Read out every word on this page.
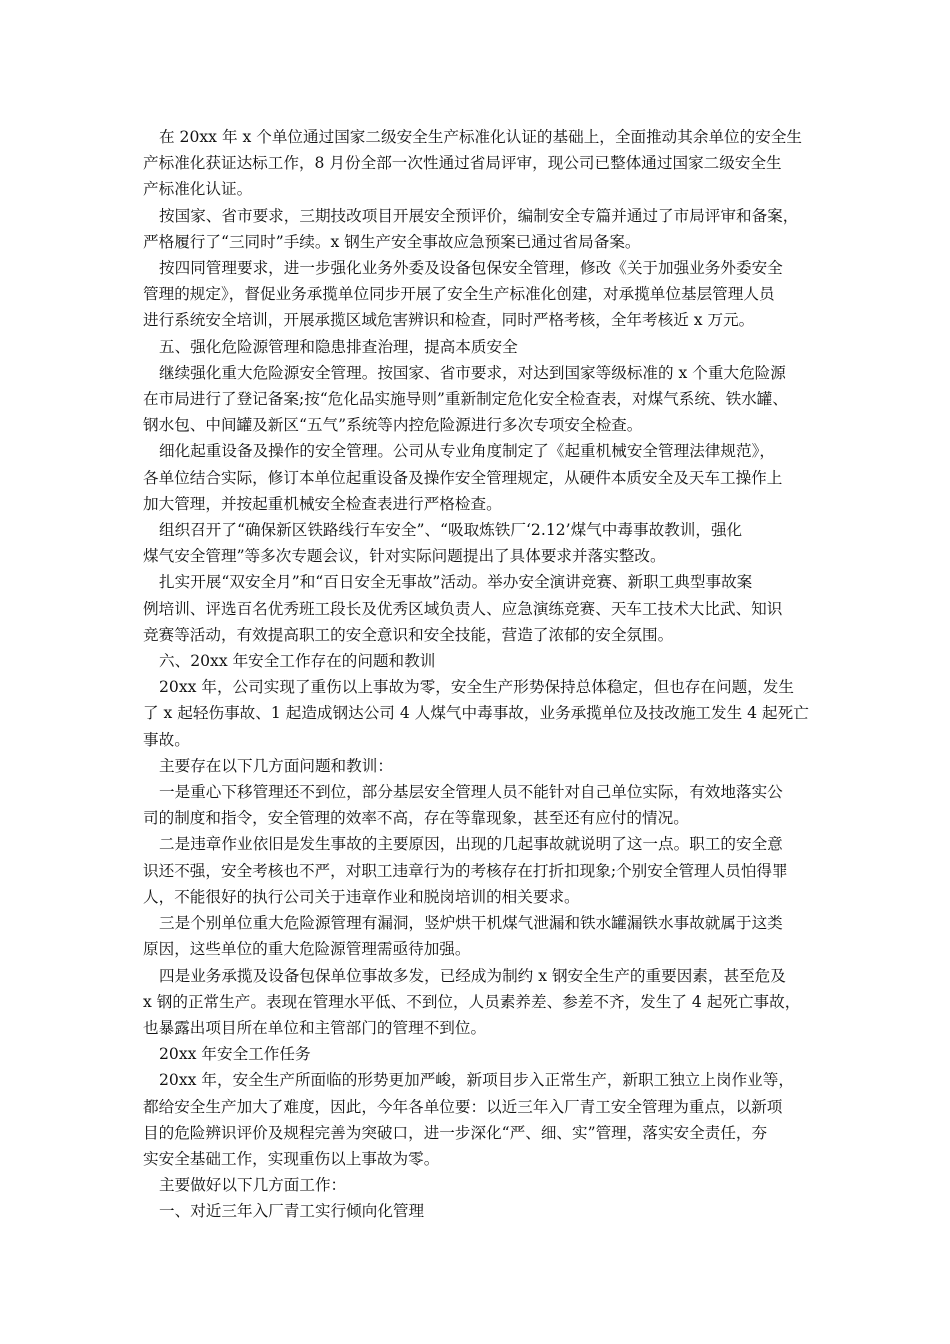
在 20xx 年 x 个单位通过国家二级安全生产标准化认证的基础上，全面推动其余单位的安全生
产标准化获证达标工作，8 月份全部一次性通过省局评审，现公司已整体通过国家二级安全生
产标准化认证。
按国家、省市要求，三期技改项目开展安全预评价，编制安全专篇并通过了市局评审和备案，
严格履行了“三同时”手续。x 钢生产安全事故应急预案已通过省局备案。
按四同管理要求，进一步强化业务外委及设备包保安全管理，修改《关于加强业务外委安全
管理的规定》，督促业务承揽单位同步开展了安全生产标准化创建，对承揽单位基层管理人员
进行系统安全培训，开展承揽区域危害辨识和检查，同时严格考核，全年考核近 x 万元。
五、强化危险源管理和隐患排查治理，提高本质安全
继续强化重大危险源安全管理。按国家、省市要求，对达到国家等级标准的 x 个重大危险源
在市局进行了登记备案;按“危化品实施导则”重新制定危化安全检查表，对煤气系统、铁水罐、
钢水包、中间罐及新区“五气”系统等内控危险源进行多次专项安全检查。
细化起重设备及操作的安全管理。公司从专业角度制定了《起重机械安全管理法律规范》，
各单位结合实际，修订本单位起重设备及操作安全管理规定，从硬件本质安全及天车工操作上
加大管理，并按起重机械安全检查表进行严格检查。
组织召开了“确保新区铁路线行车安全”、“吸取炼铁厂‘2.12’煤气中毒事故教训，强化
煤气安全管理”等多次专题会议，针对实际问题提出了具体要求并落实整改。
扎实开展“双安全月”和“百日安全无事故”活动。举办安全演讲竞赛、新职工典型事故案
例培训、评选百名优秀班工段长及优秀区域负责人、应急演练竞赛、天车工技术大比武、知识
竞赛等活动，有效提高职工的安全意识和安全技能，营造了浓郁的安全氛围。
六、20xx 年安全工作存在的问题和教训
20xx 年，公司实现了重伤以上事故为零，安全生产形势保持总体稳定，但也存在问题，发生
了 x 起轻伤事故、1 起造成钢达公司 4 人煤气中毒事故，业务承揽单位及技改施工发生 4 起死亡
事故。
主要存在以下几方面问题和教训：
一是重心下移管理还不到位，部分基层安全管理人员不能针对自己单位实际，有效地落实公
司的制度和指令，安全管理的效率不高，存在等靠现象，甚至还有应付的情况。
二是违章作业依旧是发生事故的主要原因，出现的几起事故就说明了这一点。职工的安全意
识还不强，安全考核也不严，对职工违章行为的考核存在打折扣现象;个别安全管理人员怕得罪
人，不能很好的执行公司关于违章作业和脱岗培训的相关要求。
三是个别单位重大危险源管理有漏洞，竖炉烘干机煤气泄漏和铁水罐漏铁水事故就属于这类
原因，这些单位的重大危险源管理需亟待加强。
四是业务承揽及设备包保单位事故多发，已经成为制约 x 钢安全生产的重要因素，甚至危及
x 钢的正常生产。表现在管理水平低、不到位，人员素养差、参差不齐，发生了 4 起死亡事故，
也暴露出项目所在单位和主管部门的管理不到位。
20xx 年安全工作任务
20xx 年，安全生产所面临的形势更加严峻，新项目步入正常生产，新职工独立上岗作业等，
都给安全生产加大了难度，因此，今年各单位要：以近三年入厂青工安全管理为重点，以新项
目的危险辨识评价及规程完善为突破口，进一步深化“严、细、实”管理，落实安全责任，夯
实安全基础工作，实现重伤以上事故为零。
主要做好以下几方面工作：
一、对近三年入厂青工实行倾向化管理
